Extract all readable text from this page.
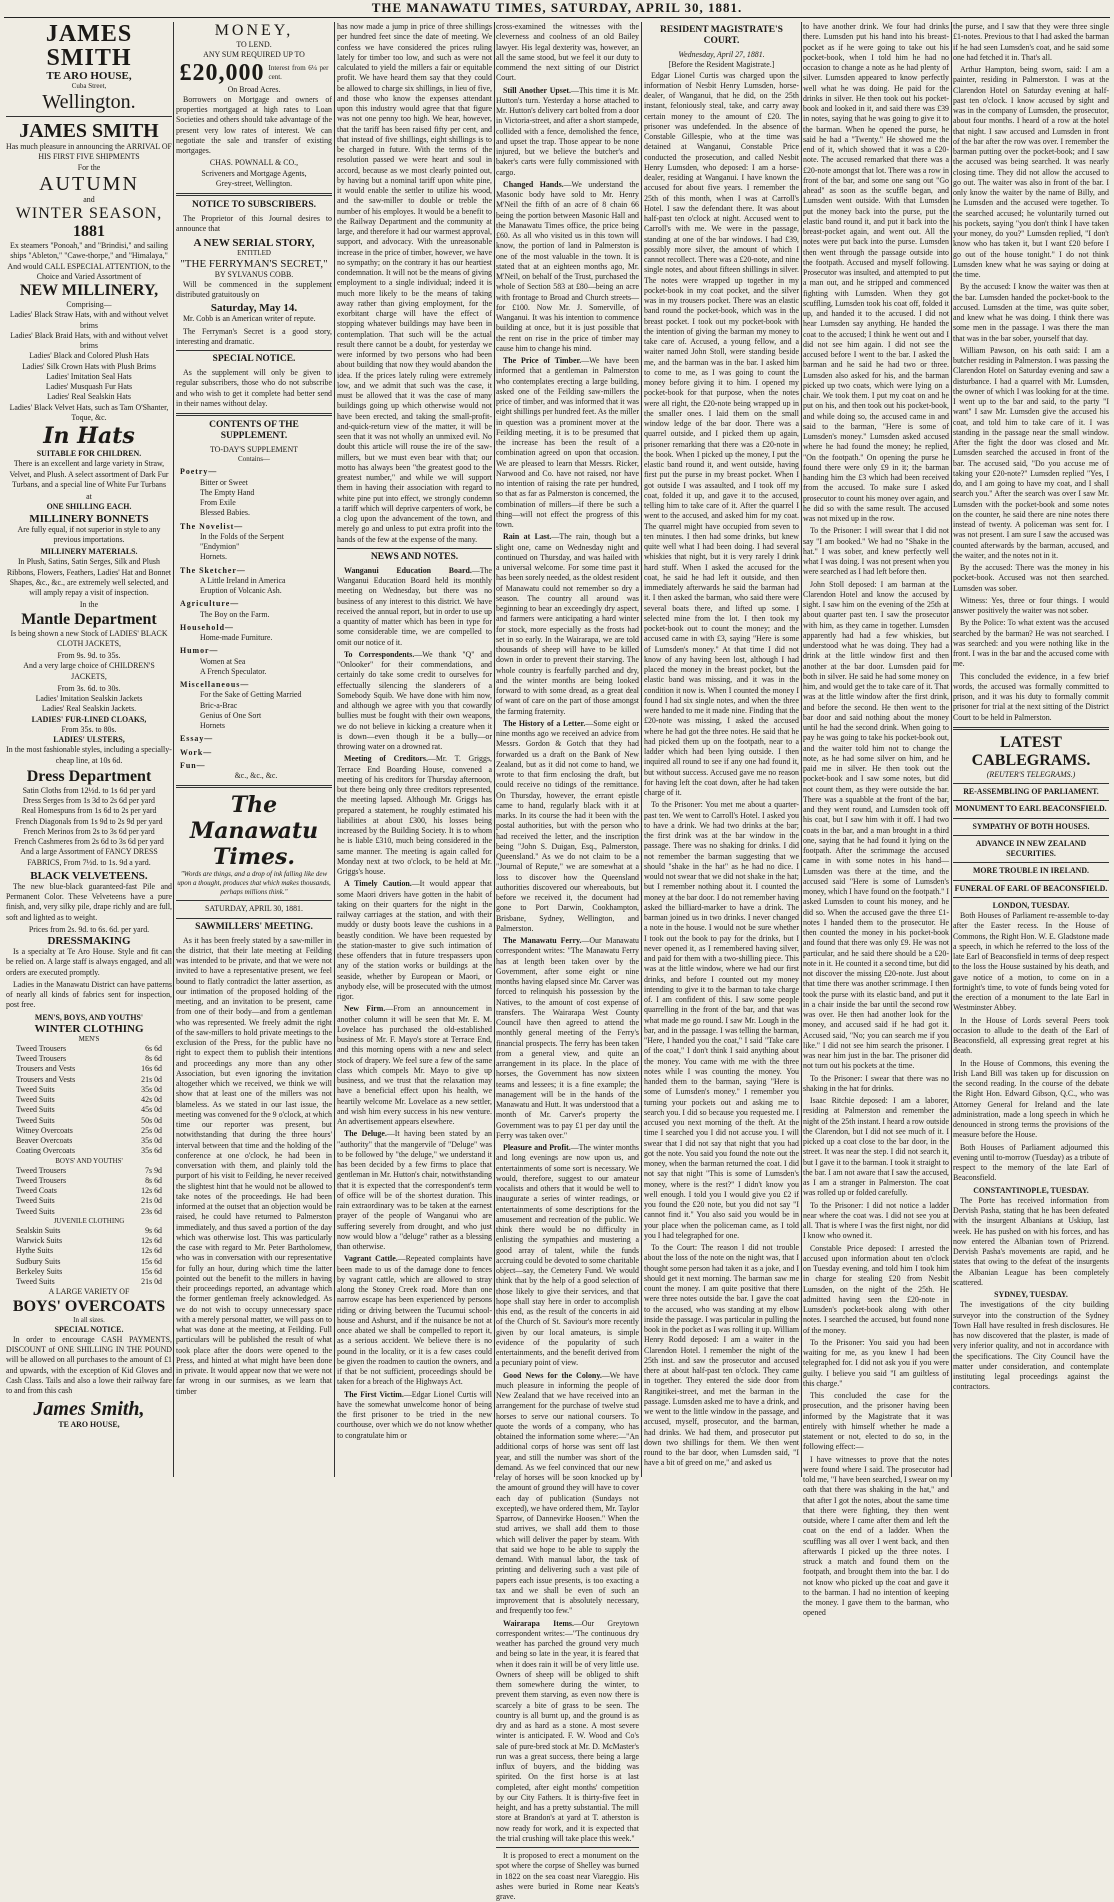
THE MANAWATU TIMES, SATURDAY, APRIL 30, 1881.
JAMES SMITH
TE ARO HOUSE,
Cuba Street,
Wellington.
JAMES SMITH
Has much pleasure in announcing the ARRIVAL OF HIS FIRST FIVE SHIPMENTS
For the
AUTUMN
and
WINTER SEASON,
1881
Ex steamers "Ponoah," and "Brindisi," and sailing ships "Ableton," "Cawe-thorpe," and "Himalaya,"
And would CALL ESPECIAL ATTENTION, to the Choice and Varied Assortment of
NEW MILLINERY,
Comprising—
Ladies' Black Straw Hats, with and without velvet brims
Ladies' Black Braid Hats, with and without velvet brims
Ladies' Black and Colored Plush Hats
Ladies' Silk Crown Hats with Plush Brims
Ladies' Imitation Seal Hats
Ladies' Musquash Fur Hats
Ladies' Real Sealskin Hats
Ladies' Black Velvet Hats, such as Tam O'Shanter, Toque, &c.
In Hats
SUITABLE FOR CHILDREN.

There is an excellent and large variety in Straw, Velvet, and Plush. A select assortment of Dark Fur Turbans, and a special line of White Fur Turbans

at
ONE SHILLING EACH.
MILLINERY BONNETS

Are fully equal, if not superior in style to any previous importations.

MILLINERY MATERIALS.

In Plush, Satins, Satin Serges, Silk and Plush Ribbons, Flowers, Feathers, Ladies' Hat and Bonnet Shapes, &c., &c., are extremely well selected, and will amply repay a visit of inspection.

In the
Mantle Department

Is being shown a new Stock of LADIES' BLACK CLOTH JACKETS,

From 9s. 9d. to 35s.

And a very large choice of CHILDREN'S JACKETS,

From 3s. 6d. to 30s.
Ladies' Imitation Sealskin Jackets
Ladies' Real Sealskin Jackets.
LADIES' FUR-LINED CLOAKS,
From 35s. to 80s.
LADIES' ULSTERS,

In the most fashionable styles, including a specially-cheap line, at 10s 6d.

Dress Department
Satin Cloths from 12½d. to 1s 6d per yard
Dress Serges from 1s 3d to 2s 6d per yard
Real Homespuns from 1s 6d to 2s per yard
French Diagonals from 1s 9d to 2s 9d per yard
French Merinos from 2s to 3s 6d per yard
French Cashmeres from 2s 6d to 3s 6d per yard

And a large Assortment of FANCY DRESS FABRICS, From 7½d. to 1s. 9d a yard.

BLACK VELVETEENS.

The new blue-black guaranteed-fast Pile and Permanent Color. These Velveteens have a pure finish, and, very silky pile, drape richly and are full, soft and lighted as to weight.

Prices from 2s. 9d. to 6s. 6d. per yard.
DRESSMAKING

Is a specialty at Te Aro House. Style and fit can be relied on. A large staff is always engaged, and all orders are executed promptly.

Ladies in the Manawatu District can have patterns of nearly all kinds of fabrics sent for inspection, post free.

MEN'S, BOYS, AND YOUTHS'
WINTER CLOTHING
MEN'S
Tweed Trousers	6s 6d
Tweed Trousers	8s 6d
Trousers and Vests	16s 6d
Trousers and Vests	21s 0d
Tweed Suits	35s 0d
Tweed Suits	42s 0d
Tweed Suits	45s 0d
Tweed Suits	50s 0d
Witney Overcoats	25s 0d
Beaver Overcoats	35s 0d
Coating Overcoats	35s 6d
BOYS' AND YOUTHS'
Tweed Trousers	7s 9d
Tweed Trousers	8s 6d
Tweed Coats	12s 6d
Tweed Suits	21s 0d
Tweed Suits	23s 6d
JUVENILE CLOTHING
Sealskin Suits	9s 6d
Warwick Suits	12s 6d
Hythe Suits	12s 6d
Sudbury Suits	15s 6d
Berkeley Suits	15s 6d
Tweed Suits	21s 0d
A LARGE VARIETY OF
BOYS' OVERCOATS
In all sizes.
SPECIAL NOTICE.

In order to encourage CASH PAYMENTS, DISCOUNT of ONE SHILLING IN THE POUND will be allowed on all purchases to the amount of £1 and upwards, with the exception of Kid Gloves and Cash Class. Tails and also a lowe their railway fare to and from this cash

James Smith,
TE ARO HOUSE,
MONEY,
TO LEND.
ANY SUM REQUIRED UP TO
£20,000 Interest from 6¼ per cent.
On Broad Acres.

Borrowers on Mortgage and owners of properties mortgaged at high rates to Loan Societies and others should take advantage of the present very low rates of interest. We can negotiate the sale and transfer of existing mortgages.

CHAS. POWNALL & CO.,
Scriveners and Mortgage Agents,
Grey-street, Wellington.
NOTICE TO SUBSCRIBERS.

The Proprietor of this Journal desires to announce that

A NEW SERIAL STORY,
ENTITLED
"THE FERRYMAN'S SECRET,"
BY SYLVANUS COBB.

Will be commenced in the supplement distributed gratuitously on

Saturday, May 14.

Mr. Cobb is an American writer of repute.

The Ferryman's Secret is a good story, interesting and dramatic.

SPECIAL NOTICE.

As the supplement will only be given to regular subscribers, those who do not subscribe and who wish to get it complete had better send in their names without delay.

CONTENTS OF THE SUPPLEMENT.
TO-DAY'S SUPPLEMENT
Contains—
Poetry—
Bitter or Sweet
The Empty Hand
From Exile
Blessed Babies.
The Novelist—
In the Folds of the Serpent
"Endymion"
Hornets.
The Sketcher—
A Little Ireland in America
Eruption of Volcanic Ash.
Agriculture—
The Boy on the Farm.
Household—
Home-made Furniture.
Humor—
Women at Sea
A French Speculator.
Miscellaneous—
For the Sake of Getting Married
Bric-a-Brac
Genius of One Sort
Hornets
Essay—
Work—
Fun—
&c., &c., &c.
The Manawatu Times.
"Words are things, and a drop of ink falling like dew upon a thought, produces that which makes thousands, perhaps millions think."
SATURDAY, APRIL 30, 1881.
SAWMILLERS' MEETING.

As it has been freely stated by a saw-miller in the district, that their late meeting at Feilding was intended to be private, and that we were not invited to have a representative present, we feel bound to flatly contradict the latter assertion, as our intimation of the proposed holding of the meeting, and an invitation to be present, came from one of their body—and from a gentleman who was represented. We freely admit the right of the saw-millers to hold private meetings to the exclusion of the Press, for the public have no right to expect them to publish their intentions and proceedings any more than any other Association, but even ignoring the invitation altogether which we received, we think we will show that at least one of the millers was not blameless. As we stated in our last issue, the meeting was convened for the 9 o'clock, at which time our reporter was present, but notwithstanding that during the three hours' interval between that time and the holding of the conference at one o'clock, he had been in conversation with them, and plainly told the purport of his visit to Feilding, he never received the slightest hint that he would not be allowed to take notes of the proceedings. He had been informed at the outset that an objection would be raised, he could have returned to Palmerston immediately, and thus saved a portion of the day which was otherwise lost. This was particularly the case with regard to Mr. Peter Bartholomew, who was in conversation with our representative for fully an hour, during which time the latter pointed out the benefit to the millers in having their proceedings reported, an advantage which the former gentleman freely acknowledged. As we do not wish to occupy unnecessary space with a merely personal matter, we will pass on to what was done at the meeting, at Feilding. Full particulars will be published the result of what took place after the doors were opened to the Press, and hinted at what might have been done in private. It would appear now that we were not far wrong in our surmises, as we learn that timber

has now made a jump in price of three shillings per hundred feet since the date of meeting. We confess we have considered the prices ruling lately for timber too low, and such as were not calculated to yield the millers a fair or equitable profit. We have heard them say that they could be allowed to charge six shillings, in lieu of five, and those who know the expenses attendant upon this industry would agree that that figure was not one penny too high. We hear, however, that the tariff has been raised fifty per cent, and that instead of five shillings, eight shillings is to be charged in future. With the terms of the resolution passed we were heart and soul in accord, because as we most clearly pointed out, by having but a nominal tariff upon white pine, it would enable the settler to utilize his wood, and the saw-miller to double or treble the number of his employes. It would be a benefit to the Railway Department and the community at large, and therefore it had our warmest approval, support, and advocacy. With the unreasonable increase in the price of timber, however, we have no sympathy; on the contrary it has our heartiest condemnation. It will not be the means of giving employment to a single individual; indeed it is much more likely to be the means of taking away rather than giving employment, for the exorbitant charge will have the effect of stopping whatever buildings may have been in contemplation. That such will be the actual result there cannot be a doubt, for yesterday we were informed by two persons who had been about building that now they would abandon the idea. If the prices lately ruling were extremely low, and we admit that such was the case, it must be allowed that it was the case of many buildings going up which otherwise would not have been erected, and taking the small-profit-and-quick-return view of the matter, it will be seen that it was not wholly an unmixed evil. No doubt this article will rouse the ire of the saw-millers, but we must even bear with that; our motto has always been "the greatest good to the greatest number," and while we will support them in having their association with regard to white pine put into effect, we strongly condemn a tariff which will deprive carpenters of work, be a clog upon the advancement of the town, and merely go and unless to put extra profit into the hands of the few at the expense of the many.

NEWS AND NOTES.

Wanganui Education Board.—The Wanganui Education Board held its monthly meeting on Wednesday, but there was no business of any interest to this district. We have received the annual report, but in order to use up a quantity of matter which has been in type for some considerable time, we are compelled to omit our notice of it.

To Correspondents.—We thank "Q" and "Onlooker" for their commendations, and certainly do take some credit to ourselves for effectually silencing the slanderers of a Somebody Squib. We have done with him now, and although we agree with you that cowardly bullies must be fought with their own weapons, we do not believe in kicking a creature when it is down—even though it be a bully—or throwing water on a drowned rat.

Meeting of Creditors.—Mr. T. Griggs, Terrace End Boarding House, convened a meeting of his creditors for Thursday afternoon, but there being only three creditors represented, the meeting lapsed. Although Mr. Griggs has prepared a statement, he roughly estimated his liabilities at about £300, his losses being increased by the Building Society. It is to whom he is liable £310, much being considered in the same manner. The meeting is again called for Monday next at two o'clock, to be held at Mr. Griggs's house.

A Timely Caution.—It would appear that some Maori drivers have gotten in the habit of taking on their quarters for the night in the railway carriages at the station, and with their muddy or dusty boots leave the cushions in a beastly condition. We have been requested by the station-master to give such intimation of these offenders that in future trespassers upon any of the station works or buildings at the seaside, whether by European or Maori, or anybody else, will be prosecuted with the utmost rigor.

New Firm.—From an announcement in another column it will be seen that Mr. E. M. Lovelace has purchased the old-established business of Mr. F. Mayo's store at Terrace End, and this morning opens with a new and select stock of drapery. We feel sure a few of the same class which compels Mr. Mayo to give up business, and we trust that the relaxation may have a beneficial effect upon his health, we heartily welcome Mr. Lovelace as a new settler, and wish him every success in his new venture. An advertisement appears elsewhere.

The Deluge.—It having been stated by an "authority" that the mangervile of "Deluge" was to be followed by "the deluge," we understand it has been decided by a few firms to place that gentleman in Mr. Hutton's chair, notwithstanding that it is expected that the correspondent's term of office will be of the shortest duration. This rain extraordinary was to be taken at the earnest prayer of the people of Wanganui who are suffering severely from drought, and who just now would blow a "deluge" rather as a blessing than otherwise.

Vagrant Cattle.—Repeated complaints have been made to us of the damage done to fences by vagrant cattle, which are allowed to stray along the Stoney Creek road. More than one narrow escape has been experienced by persons riding or driving between the Tucumui school-house and Ashurst, and if the nuisance be not at once abated we shall be compelled to report it, as a serious accident. We believe there is no pound in the locality, or it is a few cases could be given the roadmen to caution the owners, and if that be not sufficient, proceedings should be taken for a breach of the Highways Act.

The First Victim.—Edgar Lionel Curtis will have the somewhat unwelcome honor of being the first prisoner to be tried in the new courthouse, over which we do not know whether to congratulate him or

cross-examined the witnesses with the cleverness and coolness of an old Bailey lawyer. His legal dexterity was, however, an all the same stood, but we feel it our duty to commend the next sitting of our District Court.

Still Another Upset.—This time it is Mr. Hutton's turn. Yesterday a horse attached to Mr. Hutton's delivery cart bolted from a door in Victoria-street, and after a short stampede, collided with a fence, demolished the fence, and upset the trap. Those appear to be none injured, but we believe the butcher's and baker's carts were fully commissioned with cargo.

Changed Hands.—We understand the Masonic body have sold to Mr. Henry M'Neil the fifth of an acre of 8 chain 66 being the portion between Masonic Hall and the Manawatu Times office, the price being £60. As all who visited us in this town will know, the portion of land in Palmerston is one of the most valuable in the town. It is stated that at an eighteen months ago, Mr. M'Neil, on behalf of the Trust, purchased the whole of Section 583 at £80—being an acre with frontage to Broad and Church streets—for £100. Now Mr. J. Somerville, of Wanganui. It was his intention to commence building at once, but it is just possible that the rent on rise in the price of timber may cause him to change his mind.

The Price of Timber.—We have been informed that a gentleman in Palmerston who contemplates erecting a large building, asked one of the Feilding saw-millers the price of timber, and was informed that it was eight shillings per hundred feet. As the miller in question was a prominent mover at the Feilding meeting, it is to be presumed that the increase has been the result of a combination agreed on upon that occasion. We are pleased to learn that Messrs. Ricker, Narwood and Co. have not raised, nor have no intention of raising the rate per hundred, so that as far as Palmerston is concerned, the combination of millers—if there be such a thing—will not effect the progress of this town.

Rain at Last.—The rain, though but a slight one, came on Wednesday night and continued on Thursday, and was hailed with a universal welcome. For some time past it has been sorely needed, as the oldest resident of Manawatu could not remember so dry a season. The country all around was beginning to bear an exceedingly dry aspect, and farmers were anticipating a hard winter for stock, more especially as the frosts had set in so early. In the Wairarapa, we are told thousands of sheep will have to be killed down in order to prevent their starving. The whole country is fearfully parched and dry, and the winter months are being looked forward to with some dread, as a great deal of want of care on the part of those amongst the farming fraternity.

The History of a Letter.—Some eight or nine months ago we received an advice from Messrs. Gordon & Gotch that they had forwarded us a draft on the Bank of New Zealand, but as it did not come to hand, we wrote to that firm enclosing the draft, but could receive no tidings of the remittance. On Thursday, however, the errant epistle came to hand, regularly black with it at marks. In its course the had it been with the postal authorities, but with the person who had received the letter, and the inscription being "John S. Duigan, Esq., Palmerston, Queensland." As we do not claim to be a "Journal of Repute," we are somewhat at a loss to discover how the Queensland authorities discovered our whereabouts, but before we received it, the document had gone to Port Darwin, Cookhampton, Brisbane, Sydney, Wellington, and Palmerston.

The Manawatu Ferry.—Our Manawatu correspondent writes: "The Manawatu Ferry has at length been taken over by the Government, after some eight or nine months having elapsed since Mr. Carver was forced to relinquish his possession by the Natives, to the amount of cost expense of transfers. The Wairarapa West County Council have then agreed to attend the monthly general meeting of the Ferry's financial prospects. The ferry has been taken from a general view, and quite an arrangement in its place. In the place of horses, the Government has now sixteen teams and lessees; it is a fine example; the management will be in the hands of the Manawatu and Hutt. It was understood that a month of Mr. Carver's property the Government was to pay £1 per day until the Ferry was taken over."

Pleasure and Profit.—The winter months and long evenings are now upon us, and entertainments of some sort is necessary. We would, therefore, suggest to our amateur vocalists and others that it would be well to inaugurate a series of winter readings, or entertainments of some descriptions for the amusement and recreation of the public. We think there would be no difficulty in enlisting the sympathies and mustering a good array of talent, while the funds accruing could be devoted to some charitable object—say, the Cemetery Fund. We would think that by the help of a good selection of those likely to give their services, and that hope shall stay here in order to accomplish this end, as the result of the concerts in aid of the Church of St. Saviour's more recently given by our local amateurs, is simple evidence of the popularity of such entertainments, and the benefit derived from a pecuniary point of view.

Good News for the Colony.—We have much pleasure in informing the people of New Zealand that we have received into an arrangement for the purchase of twelve stud horses to serve our national coursers. To quote the words of a company, who has obtained the information some where:—"An additional corps of horse was sent off last year, and still the number was short of the demand. As we feel convinced that our new relay of horses will be soon knocked up by the amount of ground they will have to cover each day of publication (Sundays not excepted), we have ordered them, Mr. Taylor Sparrow, of Dannevirke Hoosen." When the stud arrives, we shall add them to those which will deliver the paper by steam. With that said we hope to be able to supply the demand. With manual labor, the task of printing and delivering such a vast pile of papers each issue presents, is too exacting a tax and we shall be even of such an improvement that is absolutely necessary, and frequently too few."

Wairarapa Items.—Our Greytown correspondent writes:—"The continuous dry weather has parched the ground very much and being so late in the year, it is feared that when it does rain it will be of very little use. Owners of sheep will be obliged to shift them somewhere during the winter, to prevent them starving, as even now there is scarcely a bite of grass to be seen. The country is all burnt up, and the ground is as dry and as hard as a stone. A most severe winter is anticipated. F. W. Wood and Co's sale of pure-bred stock at Mr. D. McMaster's run was a great success, there being a large influx of buyers, and the bidding was spirited. On the first horse is at last completed, after eight months' competition by our City Fathers. It is thirty-five feet in height, and has a pretty substantial. The mill store at Brandon's at yard at T. atherston is now ready for work, and it is expected that the trial crushing will take place this week."

It is proposed to erect a monument on the spot where the corpse of Shelley was burned in 1822 on the sea coast near Viareggio. His ashes were buried in Rome near Keats's grave.

RESIDENT MAGISTRATE'S COURT.
Wednesday, April 27, 1881.
[Before the Resident Magistrate.]

Edgar Lionel Curtis was charged upon the information of Nesbit Henry Lumsden, horse-dealer, of Wanganui, that he did, on the 25th instant, feloniously steal, take, and carry away certain money to the amount of £20. The prisoner was undefended. In the absence of Constable Gillespie, who at the time was detained at Wanganui, Constable Price conducted the prosecution, and called Nesbit Henry Lumsden, who deposed: I am a horse-dealer, residing at Wanganui. I have known the accused for about five years. I remember the 25th of this month, when I was at Carroll's Hotel. I saw the defendant there. It was about half-past ten o'clock at night. Accused went to Carroll's with me. We were in the passage, standing at one of the bar windows. I had £39, possibly more silver, the amount of which I cannot recollect. There was a £20-note, and nine single notes, and about fifteen shillings in silver. The notes were wrapped up together in my pocket-book in my coat pocket, and the silver was in my trousers pocket. There was an elastic band round the pocket-book, which was in the breast pocket. I took out my pocket-book with the intention of giving the barman my money to take care of. Accused, a young fellow, and a waiter named John Stoll, were standing beside me, and the barman was in the bar. I asked him to come to me, as I was going to count the money before giving it to him. I opened my pocket-book for that purpose, when the notes were all right, the £20-note being wrapped up in the smaller ones. I laid them on the small window ledge of the bar door. There was a quarrel outside, and I picked them up again, prisoner remarking that there was a £20-note in the book. When I picked up the money, I put the elastic band round it, and went outside, having first put the purse in my breast pocket. When I got outside I was assaulted, and I took off my coat, folded it up, and gave it to the accused, telling him to take care of it. After the quarrel I went to the accused, and asked him for my coat. The quarrel might have occupied from seven to ten minutes. I then had some drinks, but knew quite well what I had been doing. I had several whiskies that night, but it is very rarely I drink hard stuff. When I asked the accused for the coat, he said he had left it outside, and then immediately afterwards he said the barman had it. I then asked the barman, who said there were several boats there, and lifted up some. I selected mine from the lot. I then took my pocket-book out to count the money; and the accused came in with £3, saying "Here is some of Lumsden's money." At that time I did not know of any having been lost, although I had placed the money in the breast pocket, but the elastic band was missing, and it was in the condition it now is. When I counted the money I found I had six single notes, and when the three were handed to me it made nine. Finding that the £20-note was missing, I asked the accused where he had got the three notes. He said that he had picked them up on the footpath, near to a ladder which had been lying outside. I then inquired all round to see if any one had found it, but without success. Accused gave me no reason for having left the coat down, after he had taken charge of it.

To the Prisoner: You met me about a quarter-past ten. We went to Carroll's Hotel. I asked you to have a drink. We had two drinks at the bar; the first drink was at the bar window in the passage. There was no shaking for drinks. I did not remember the barman suggesting that we should "shake in the hat" as he had no dice. I would not swear that we did not shake in the hat; but I remember nothing about it. I counted the money at the bar door. I do not remember having asked the billiard-marker to have a drink. The barman joined us in two drinks. I never changed a note in the house. I would not be sure whether I took out the book to pay for the drinks, but I never opened it, as I remembered having silver, and paid for them with a two-shilling piece. This was at the little window, where we had our first drinks, and before I counted out my money intending to give it to the barman to take charge of. I am confident of this. I saw some people quarrelling in the front of the bar, and that was what made me go round. I saw Mr. Lough in the bar, and in the passage. I was telling the barman, "Here, I handed you the coat," I said "Take care of the coat," I don't think I said anything about the money. You came with me with the three notes while I was counting the money. You handed them to the barman, saying "Here is some of Lumsden's money." I remember you turning your pockets out and asking me to search you. I did so because you requested me. I accused you next morning of the theft. At the time I searched you I did not accuse you. I will swear that I did not say that night that you had got the note. You said you found the note out the money, when the barman returned the coat. I did not say that night "This is some of Lumsden's money, where is the rest?" I didn't know you well enough. I told you I would give you £2 if you found the £20 note, but you did not say "I cannot find it." You also said you would be in your place when the policeman came, as I told you I had telegraphed for one.

To the Court: The reason I did not trouble about the loss of the note on the night was, that I thought some person had taken it as a joke, and I should get it next morning. The barman saw me count the money. I am quite positive that there were three notes outside the bar. I gave the coat to the accused, who was standing at my elbow inside the passage. I was particular in pulling the book in the pocket as I was rolling it up. William Henry Rodd deposed: I am a waiter in the Clarendon Hotel. I remember the night of the 25th inst. and saw the prosecutor and accused there at about half-past ten o'clock. They came in together. They entered the side door from Rangitikei-street, and met the barman in the passage. Lumsden asked me to have a drink, and we went to the little window in the passage, and accused, myself, prosecutor, and the barman, had drinks. We had them, and prosecutor put down two shillings for them. We then went round to the bar door, when Lumsden said, "I have a bit of greed on me," and asked us

to have another drink. We four had drinks there. Lumsden put his hand into his breast-pocket as if he were going to take out his pocket-book, when I told him he had no occasion to change a note as he had plenty of silver. Lumsden appeared to know perfectly well what he was doing. He paid for the drinks in silver. He then took out his pocket-book and looked in it, and said there was £39 in notes, saying that he was going to give it to the barman. When he opened the purse, he said he had a "Twenty." He showed me the end of it, which showed that it was a £20-note. The accused remarked that there was a £20-note amongst that lot. There was a row in front of the bar, and some one sang out "Go ahead" as soon as the scuffle began, and Lumsden went outside. With that Lumsden put the money back into the purse, put the elastic band round it, and put it back into the breast-pocket again, and went out. All the notes were put back into the purse. Lumsden then went through the passage outside into the footpath. Accused and myself following. Prosecutor was insulted, and attempted to put a man out, and he stripped and commenced fighting with Lumsden. When they got scuffling, Lumsden took his coat off, folded it up, and handed it to the accused. I did not hear Lumsden say anything. He handed the coat to the accused; I think he went out and I did not see him again. I did not see the accused before I went to the bar. I asked the barman and he said he had two or three. Lumsden also asked for his, and the barman picked up two coats, which were lying on a chair. We took them. I put my coat on and he put on his, and then took out his pocket-book, and while doing so, the accused came in and said to the barman, "Here is some of Lumsden's money." Lumsden asked accused where he had found the money; he replied, "On the footpath." On opening the purse he found there were only £9 in it; the barman handing him the £3 which had been received from the accused. To make sure I asked prosecutor to count his money over again, and he did so with the same result. The accused was not mixed up in the row.

To the Prisoner: I will swear that I did not say "I am booked." We had no "Shake in the hat." I was sober, and knew perfectly well what I was doing. I was not present when you were searched as I had left before then.

John Stoll deposed: I am barman at the Clarendon Hotel and know the accused by sight. I saw him on the evening of the 25th at about quarter past ten. I saw the prosecutor with him, as they came in together. Lumsden apparently had had a few whiskies, but understood what he was doing. They had a drink at the little window first and then another at the bar door. Lumsden paid for both in silver. He said he had some money on him, and would get the to take care of it. That was at the little window after the first drink, and before the second. He then went to the bar door and said nothing about the money until he had the second drink. When going to pay he was going to take his pocket-book out, and the waiter told him not to change the note, as he had some silver on him, and he paid me in silver. He then took out the pocket-book and I saw some notes, but did not count them, as they were outside the bar. There was a squabble at the front of the bar, and they went round, and Lumsden took off his coat, but I saw him with it off. I had two coats in the bar, and a man brought in a third one, saying that he had found it lying on the footpath. After the scrimmage the accused came in with some notes in his hand—Lumsden was there at the time, and the accused said "Here is some of Lumsden's money, which I have found on the footpath." I asked Lumsden to count his money, and he did so. When the accused gave the three £1-notes I handed them to the prosecutor. He then counted the money in his pocket-book and found that there was only £9. He was not particular, and he said there should be a £20-note in it. He counted it a second time, but did not discover the missing £20-note. Just about that time there was another scrimmage. I then took the purse with its elastic band, and put it in a chair inside the bar until the second row was over. He then had another look for the money, and accused said if he had got it. Accused said, "No; you can search me if you like." I did not see him search the prisoner. I was near him just in the bar. The prisoner did not turn out his pockets at the time.

To the Prisoner: I swear that there was no shaking in the hat for drinks.

Isaac Ritchie deposed: I am a laborer, residing at Palmerston and remember the night of the 25th instant. I heard a row outside the Clarendon, but I did not see much of it. I picked up a coat close to the bar door, in the street. It was near the step. I did not search it, but I gave it to the barman. I took it straight to the bar. I am not aware that I saw the accused, as I am a stranger in Palmerston. The coat was rolled up or folded carefully.

To the Prisoner: I did not notice a ladder near where the coat was. I did not see you at all. That is where I was the first night, nor did I know who owned it.

Constable Price deposed: I arrested the accused upon information about ten o'clock on Tuesday evening, and told him I took him in charge for stealing £20 from Nesbit Lumsden, on the night of the 25th. He admitted having seen the £20-note in Lumsden's pocket-book along with other notes. I searched the accused, but found none of the money.

To the Prisoner: You said you had been waiting for me, as you knew I had been telegraphed for. I did not ask you if you were guilty. I believe you said "I am guiltless of this charge."

This concluded the case for the prosecution, and the prisoner having been informed by the Magistrate that it was entirely with himself whether he made a statement or not, elected to do so, in the following effect:—

I have witnesses to prove that the notes were found where I said. The prosecutor had told me, "I have been searched, I swear on my oath that there was shaking in the hat," and that after I got the notes, about the same time that there were fighting, they then went outside, where I came after them and left the coat on the end of a ladder. When the scuffling was all over I went back, and then afterwards I picked up the three notes. I struck a match and found them on the footpath, and brought them into the bar. I do not know who picked up the coat and gave it to the barman. I had no intention of keeping the money. I gave them to the barman, who opened

the purse, and I saw that they were three single £1-notes. Previous to that I had asked the barman if he had seen Lumsden's coat, and he said some one had fetched it in. That's all.

Arthur Hampton, being sworn, said: I am a painter, residing in Palmerston. I was at the Clarendon Hotel on Saturday evening at half-past ten o'clock. I know accused by sight and was in the company of Lumsden, the prosecutor, about four months. I heard of a row at the hotel that night. I saw accused and Lumsden in front of the bar after the row was over. I remember the barman putting over the pocket-book; and I saw the accused was being searched. It was nearly closing time. They did not allow the accused to go out. The waiter was also in front of the bar. I only know the waiter by the name of Billy, and he Lumsden and the accused were together. To the searched accused; he voluntarily turned out his pockets, saying "you don't think I have taken your money, do you?" Lumsden replied, "I don't know who has taken it, but I want £20 before I go out of the house tonight." I do not think Lumsden knew what he was saying or doing at the time.

By the accused: I know the waiter was then at the bar. Lumsden handed the pocket-book to the accused. Lumsden at the time, was quite sober, and knew what he was doing. I think there was some men in the passage. I was there the man that was in the bar sober, yourself that day.

William Pawson, on his oath said: I am a butcher residing in Palmerston. I was passing the Clarendon Hotel on Saturday evening and saw a disturbance. I had a quarrel with Mr. Lumsden, the owner of which I was looking for at the time. I went up to the bar and said, to the party "I want" I saw Mr. Lumsden give the accused his coat, and told him to take care of it. I was standing in the passage near the small window. After the fight the door was closed and Mr. Lumsden searched the accused in front of the bar. The accused said, "Do you accuse me of taking your £20-note?" Lumsden replied "Yes, I do, and I am going to have my coat, and I shall search you." After the search was over I saw Mr. Lumsden with the pocket-book and some notes on the counter, he said there are nine notes there instead of twenty. A policeman was sent for. I was not present. I am sure I saw the accused was counted afterwards by the barman, accused, and the waiter, and the notes not in it.

By the accused: There was the money in his pocket-book. Accused was not then searched. Lumsden was sober.

Witness: Yes, three or four things. I would answer positively the waiter was not sober.

By the Police: To what extent was the accused searched by the barman? He was not searched. I was searched: and you were nothing like in the front. I was in the bar and the accused come with me.

This concluded the evidence, in a few brief words, the accused was formally committed to prison, and it was his duty to formally commit prisoner for trial at the next sitting of the District Court to be held in Palmerston.

LATEST CABLEGRAMS.
(REUTER'S TELEGRAMS.)
RE-ASSEMBLING OF PARLIAMENT.
MONUMENT TO EARL BEACONSFIELD.
SYMPATHY OF BOTH HOUSES.
ADVANCE IN NEW ZEALAND SECURITIES.
MORE TROUBLE IN IRELAND.
FUNERAL OF EARL OF BEACONSFIELD.
LONDON, TUESDAY.

Both Houses of Parliament re-assemble to-day after the Easter recess. In the House of Commons, the Right Hon. W. E. Gladstone made a speech, in which he referred to the loss of the late Earl of Beaconsfield in terms of deep respect to the loss the House sustained by his death, and gave notice of a motion, to come on in a fortnight's time, to vote of funds being voted for the erection of a monument to the late Earl in Westminster Abbey.

In the House of Lords several Peers took occasion to allude to the death of the Earl of Beaconsfield, all expressing great regret at his death.

In the House of Commons, this evening the Irish Land Bill was taken up for discussion on the second reading. In the course of the debate the Right Hon. Edward Gibson, Q.C., who was Attorney General for Ireland and the late administration, made a long speech in which he denounced in strong terms the provisions of the measure before the House.

Both Houses of Parliament adjourned this evening until to-morrow (Tuesday) as a tribute of respect to the memory of the late Earl of Beaconsfield.

CONSTANTINOPLE, TUESDAY.

The Porte has received information from Dervish Pasha, stating that he has been defeated with the insurgent Albanians at Uskiup, last week. He has pushed on with his forces, and has now entered the Albanian town of Prizrend. Dervish Pasha's movements are rapid, and he states that owing to the defeat of the insurgents the Albanian League has been completely scattered.

SYDNEY, TUESDAY.

The investigations of the city building surveyor into the construction of the Sydney Town Hall have resulted in fresh disclosures. He has now discovered that the plaster, is made of very inferior quality, and not in accordance with the specifications. The City Council have the matter under consideration, and contemplate instituting legal proceedings against the contractors.
